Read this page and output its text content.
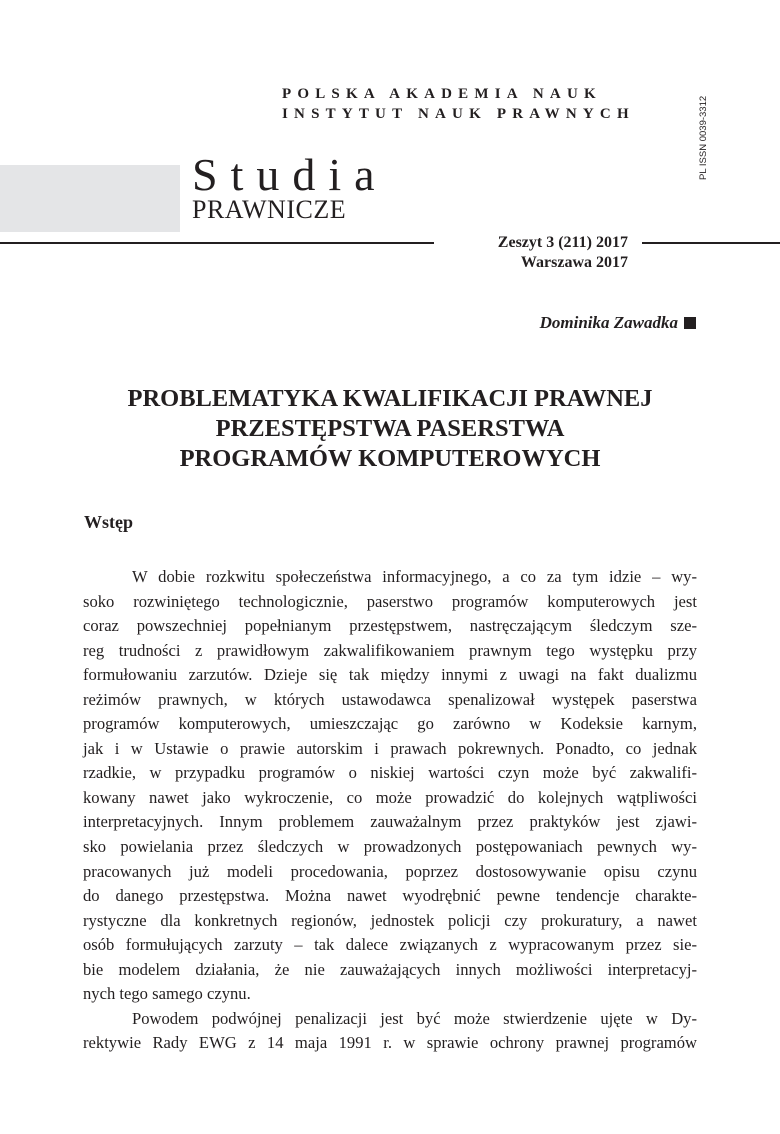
POLSKA AKADEMIA NAUK
INSTYTUT NAUK PRAWNYCH	PL ISSN 0039-3312
Studia
PRAWNICZE
Zeszyt 3 (211) 2017
Warszawa 2017
Dominika Zawadka
PROBLEMATYKA KWALIFIKACJI PRAWNEJ
PRZESTĘPSTWA PASERSTWA
PROGRAMÓW KOMPUTEROWYCH
Wstęp
W dobie rozkwitu społeczeństwa informacyjnego, a co za tym idzie – wy-
soko rozwiniętego technologicznie, paserstwo programów komputerowych jest
coraz powszechniej popełnianym przestępstwem, nastręczającym śledczym sze-
reg trudności z prawidłowym zakwalifikowaniem prawnym tego występku przy
formułowaniu zarzutów. Dzieje się tak między innymi z uwagi na fakt dualizmu
reżimów prawnych, w których ustawodawca spenalizował występek paserstwa
programów komputerowych, umieszczając go zarówno w Kodeksie karnym,
jak i w Ustawie o prawie autorskim i prawach pokrewnych. Ponadto, co jednak
rzadkie, w przypadku programów o niskiej wartości czyn może być zakwalifi-
kowany nawet jako wykroczenie, co może prowadzić do kolejnych wątpliwości
interpretacyjnych. Innym problemem zauważalnym przez praktyków jest zjawi-
sko powielania przez śledczych w prowadzonych postępowaniach pewnych wy-
pracowanych już modeli procedowania, poprzez dostosowywanie opisu czynu
do danego przestępstwa. Można nawet wyodrębnić pewne tendencje charakte-
rystyczne dla konkretnych regionów, jednostek policji czy prokuratury, a nawet
osób formułujących zarzuty – tak dalece związanych z wypracowanym przez sie-
bie modelem działania, że nie zauważających innych możliwości interpretacyj-
nych tego samego czynu.
Powodem podwójnej penalizacji jest być może stwierdzenie ujęte w Dy-
rektywie Rady EWG z 14 maja 1991 r. w sprawie ochrony prawnej programów
